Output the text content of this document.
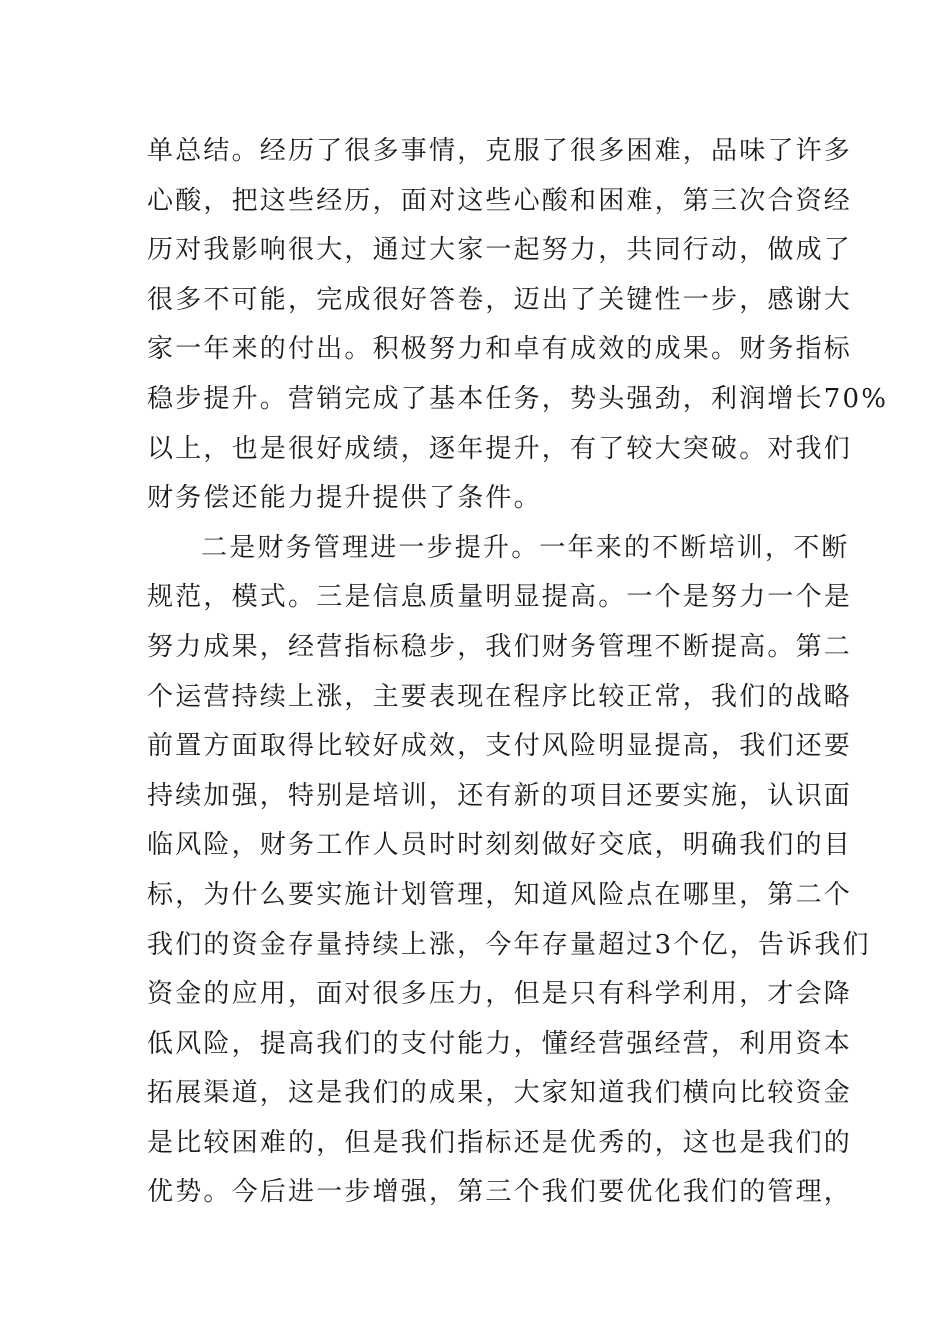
单总结。经历了很多事情，克服了很多困难，品味了许多
心酸，把这些经历，面对这些心酸和困难，第三次合资经
历对我影响很大，通过大家一起努力，共同行动，做成了
很多不可能，完成很好答卷，迈出了关键性一步，感谢大
家一年来的付出。积极努力和卓有成效的成果。财务指标
稳步提升。营销完成了基本任务，势头强劲，利润增长70%
以上，也是很好成绩，逐年提升，有了较大突破。对我们
财务偿还能力提升提供了条件。
二是财务管理进一步提升。一年来的不断培训，不断
规范，模式。三是信息质量明显提高。一个是努力一个是
努力成果，经营指标稳步，我们财务管理不断提高。第二
个运营持续上涨，主要表现在程序比较正常，我们的战略
前置方面取得比较好成效，支付风险明显提高，我们还要
持续加强，特别是培训，还有新的项目还要实施，认识面
临风险，财务工作人员时时刻刻做好交底，明确我们的目
标，为什么要实施计划管理，知道风险点在哪里，第二个
我们的资金存量持续上涨，今年存量超过3个亿，告诉我们
资金的应用，面对很多压力，但是只有科学利用，才会降
低风险，提高我们的支付能力，懂经营强经营，利用资本
拓展渠道，这是我们的成果，大家知道我们横向比较资金
是比较困难的，但是我们指标还是优秀的，这也是我们的
优势。今后进一步增强，第三个我们要优化我们的管理，
